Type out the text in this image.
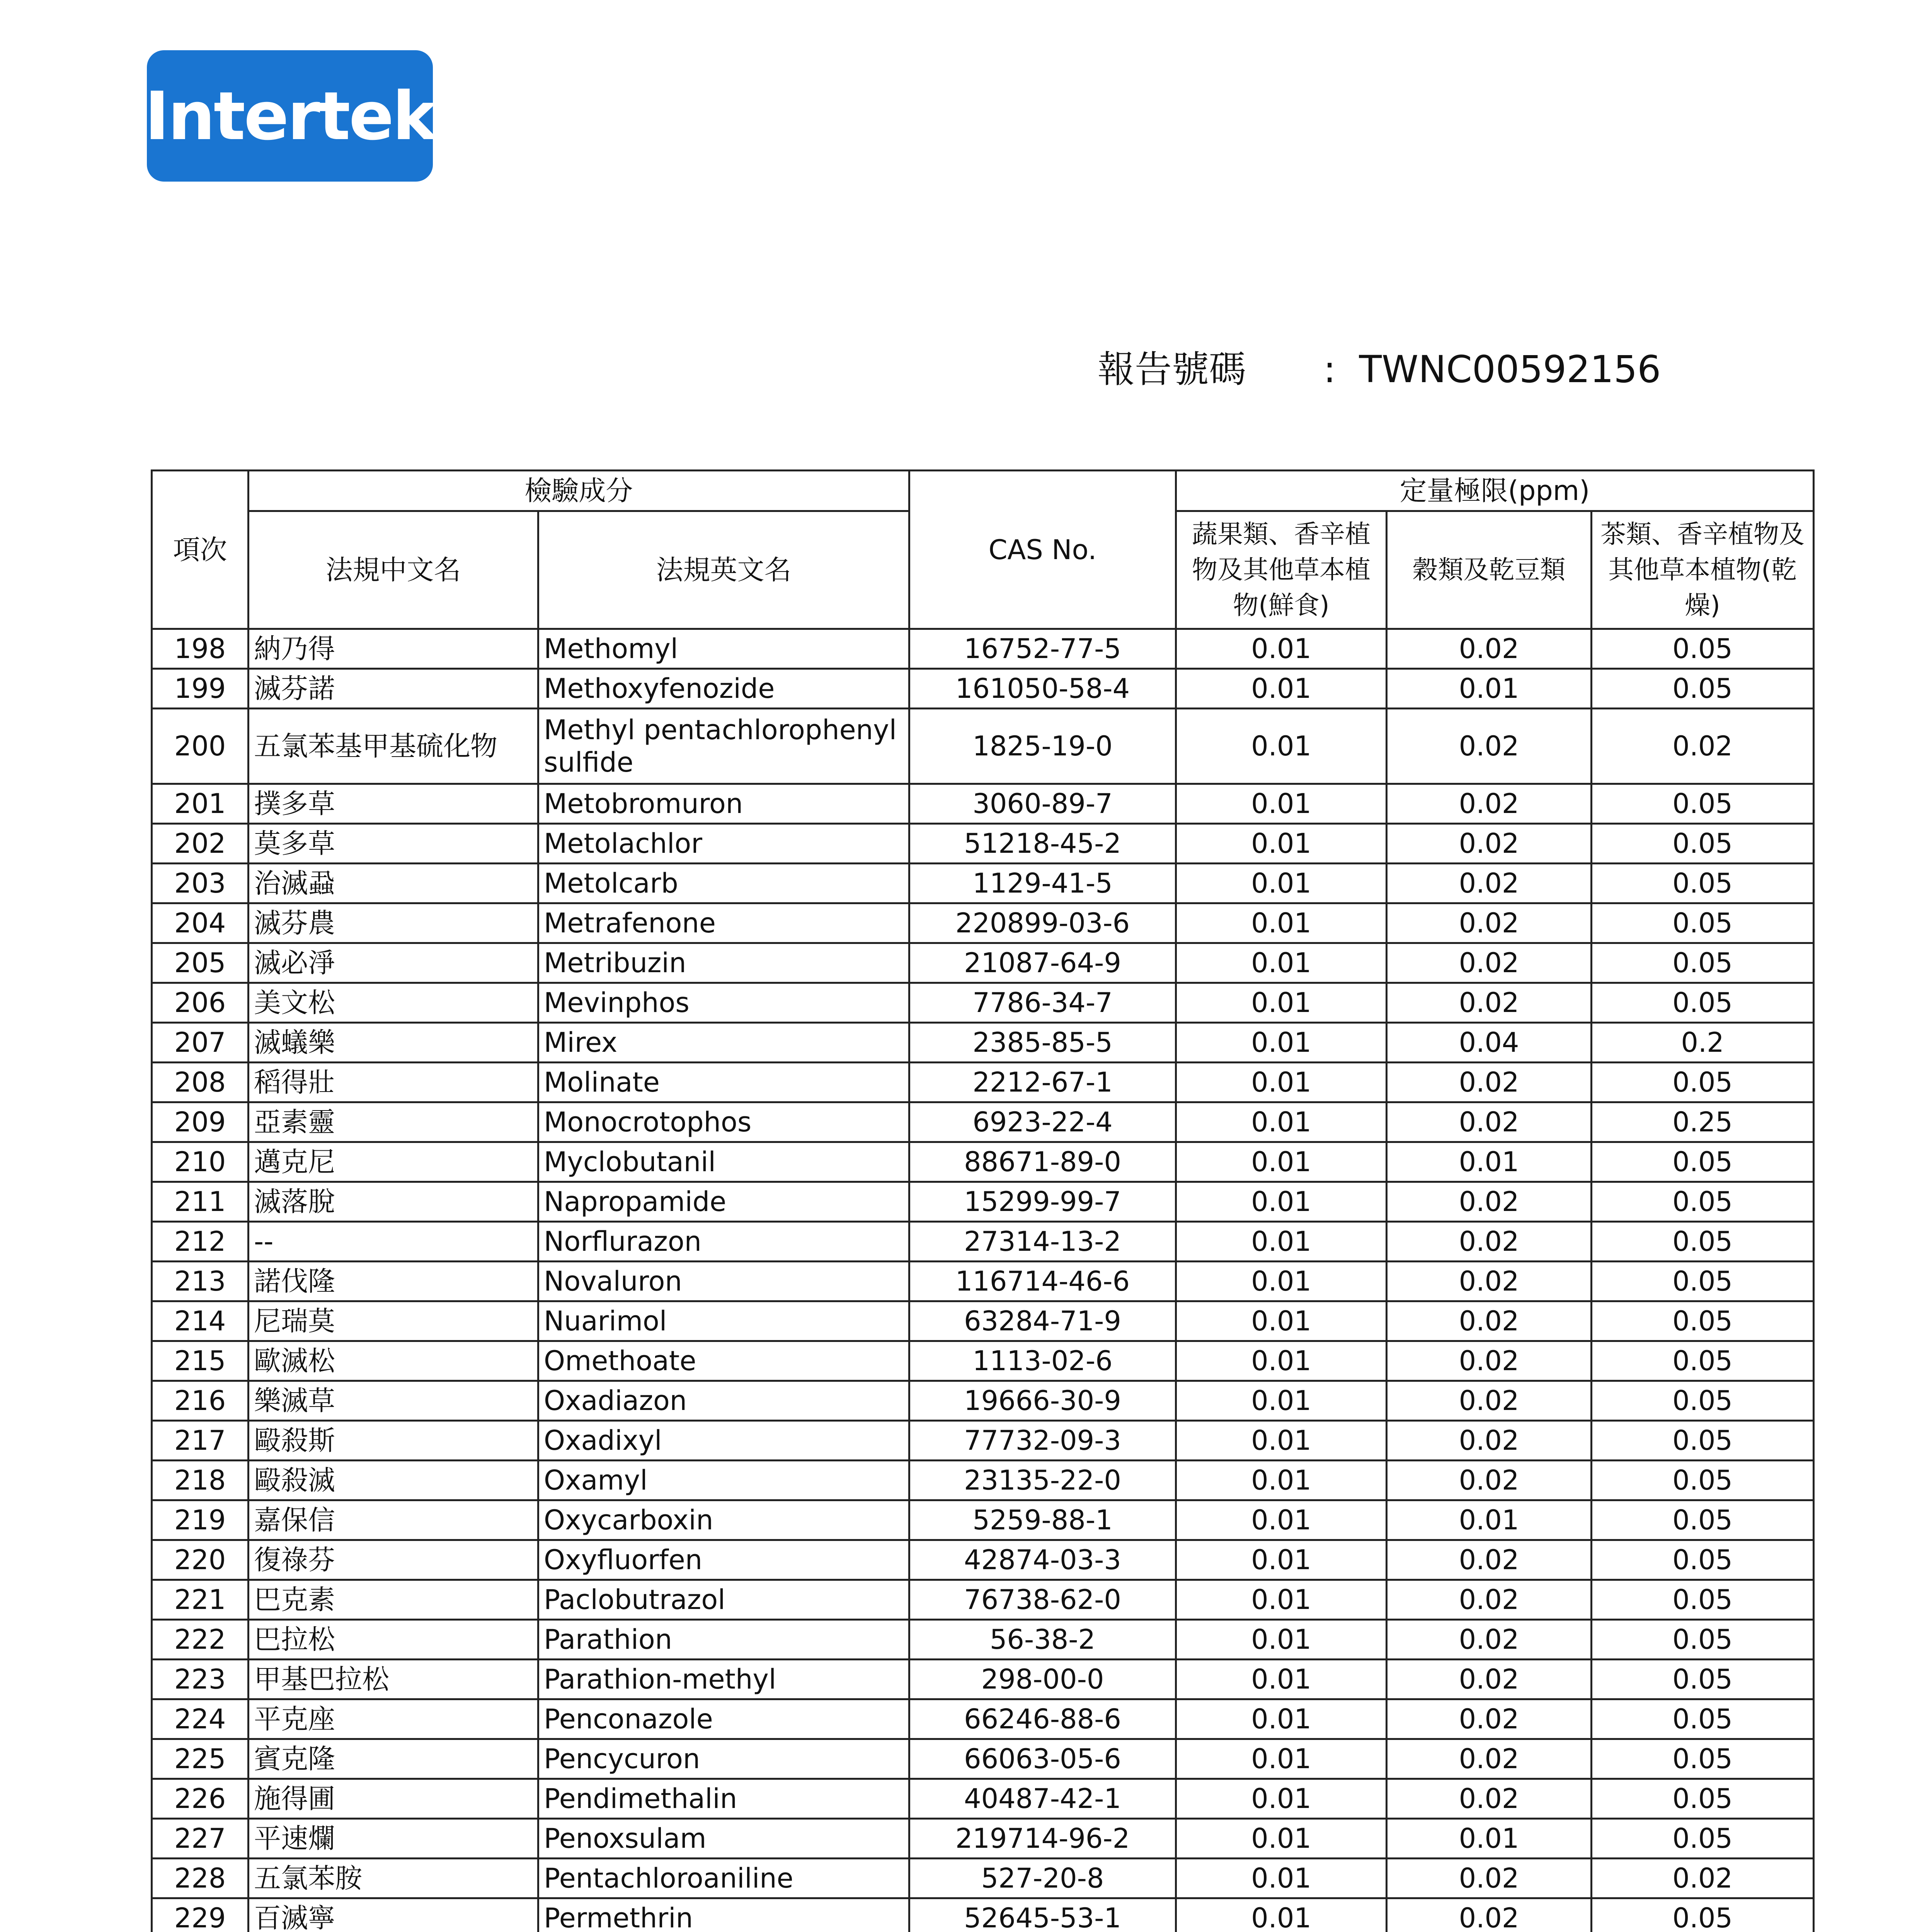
Intertek
報告號碼 : TWNC00592156
項次	檢驗成分		CAS No.	定量極限(ppm)		
	法規中文名	法規英文名		蔬果類、香辛植物及其他草本植物(鮮食)	穀類及乾豆類	茶類、香辛植物及其他草本植物(乾燥)
198	納乃得	Methomyl	16752-77-5	0.01	0.02	0.05
199	滅芬諾	Methoxyfenozide	161050-58-4	0.01	0.01	0.05
200	五氯苯基甲基硫化物	Methyl pentachlorophenyl sulfide	1825-19-0	0.01	0.02	0.02
201	撲多草	Metobromuron	3060-89-7	0.01	0.02	0.05
202	莫多草	Metolachlor	51218-45-2	0.01	0.02	0.05
203	治滅蝨	Metolcarb	1129-41-5	0.01	0.02	0.05
204	滅芬農	Metrafenone	220899-03-6	0.01	0.02	0.05
205	滅必淨	Metribuzin	21087-64-9	0.01	0.02	0.05
206	美文松	Mevinphos	7786-34-7	0.01	0.02	0.05
207	滅蟻樂	Mirex	2385-85-5	0.01	0.04	0.2
208	稻得壯	Molinate	2212-67-1	0.01	0.02	0.05
209	亞素靈	Monocrotophos	6923-22-4	0.01	0.02	0.25
210	邁克尼	Myclobutanil	88671-89-0	0.01	0.01	0.05
211	滅落脫	Napropamide	15299-99-7	0.01	0.02	0.05
212	--	Norflurazon	27314-13-2	0.01	0.02	0.05
213	諾伐隆	Novaluron	116714-46-6	0.01	0.02	0.05
214	尼瑞莫	Nuarimol	63284-71-9	0.01	0.02	0.05
215	歐滅松	Omethoate	1113-02-6	0.01	0.02	0.05
216	樂滅草	Oxadiazon	19666-30-9	0.01	0.02	0.05
217	毆殺斯	Oxadixyl	77732-09-3	0.01	0.02	0.05
218	毆殺滅	Oxamyl	23135-22-0	0.01	0.02	0.05
219	嘉保信	Oxycarboxin	5259-88-1	0.01	0.01	0.05
220	復祿芬	Oxyfluorfen	42874-03-3	0.01	0.02	0.05
221	巴克素	Paclobutrazol	76738-62-0	0.01	0.02	0.05
222	巴拉松	Parathion	56-38-2	0.01	0.02	0.05
223	甲基巴拉松	Parathion-methyl	298-00-0	0.01	0.02	0.05
224	平克座	Penconazole	66246-88-6	0.01	0.02	0.05
225	賓克隆	Pencycuron	66063-05-6	0.01	0.02	0.05
226	施得圃	Pendimethalin	40487-42-1	0.01	0.02	0.05
227	平速爛	Penoxsulam	219714-96-2	0.01	0.01	0.05
228	五氯苯胺	Pentachloroaniline	527-20-8	0.01	0.02	0.02
229	百滅寧	Permethrin	52645-53-1	0.01	0.02	0.05
